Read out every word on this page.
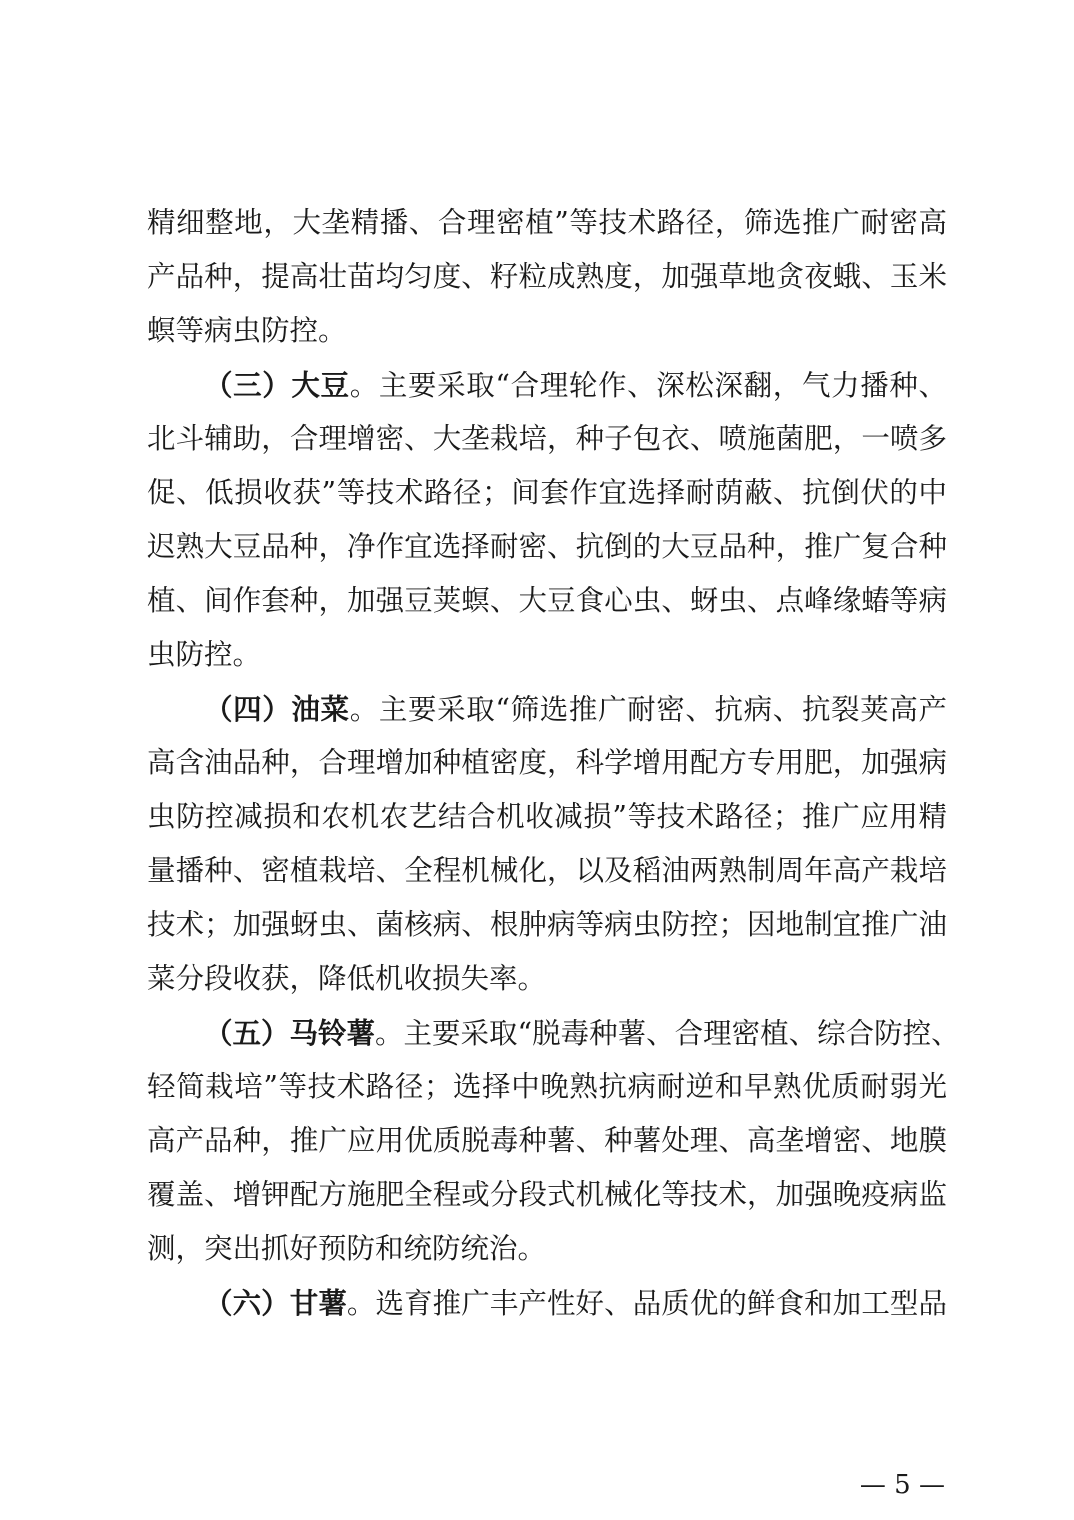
精细整地，大垄精播、合理密植”等技术路径，筛选推广耐密高
产品种，提高壮苗均匀度、籽粒成熟度，加强草地贪夜蛾、玉米
螟等病虫防控。
（三）大豆。主要采取“合理轮作、深松深翻，气力播种、
北斗辅助，合理增密、大垄栽培，种子包衣、喷施菌肥，一喷多
促、低损收获”等技术路径；间套作宜选择耐荫蔽、抗倒伏的中
迟熟大豆品种，净作宜选择耐密、抗倒的大豆品种，推广复合种
植、间作套种，加强豆荚螟、大豆食心虫、蚜虫、点峰缘蝽等病
虫防控。
（四）油菜。主要采取“筛选推广耐密、抗病、抗裂荚高产
高含油品种，合理增加种植密度，科学增用配方专用肥，加强病
虫防控减损和农机农艺结合机收减损”等技术路径；推广应用精
量播种、密植栽培、全程机械化，以及稻油两熟制周年高产栽培
技术；加强蚜虫、菌核病、根肿病等病虫防控；因地制宜推广油
菜分段收获，降低机收损失率。
（五）马铃薯。主要采取“脱毒种薯、合理密植、综合防控、
轻简栽培”等技术路径；选择中晚熟抗病耐逆和早熟优质耐弱光
高产品种，推广应用优质脱毒种薯、种薯处理、高垄增密、地膜
覆盖、增钾配方施肥全程或分段式机械化等技术，加强晚疫病监
测，突出抓好预防和统防统治。
（六）甘薯。选育推广丰产性好、品质优的鲜食和加工型品
— 5 —
